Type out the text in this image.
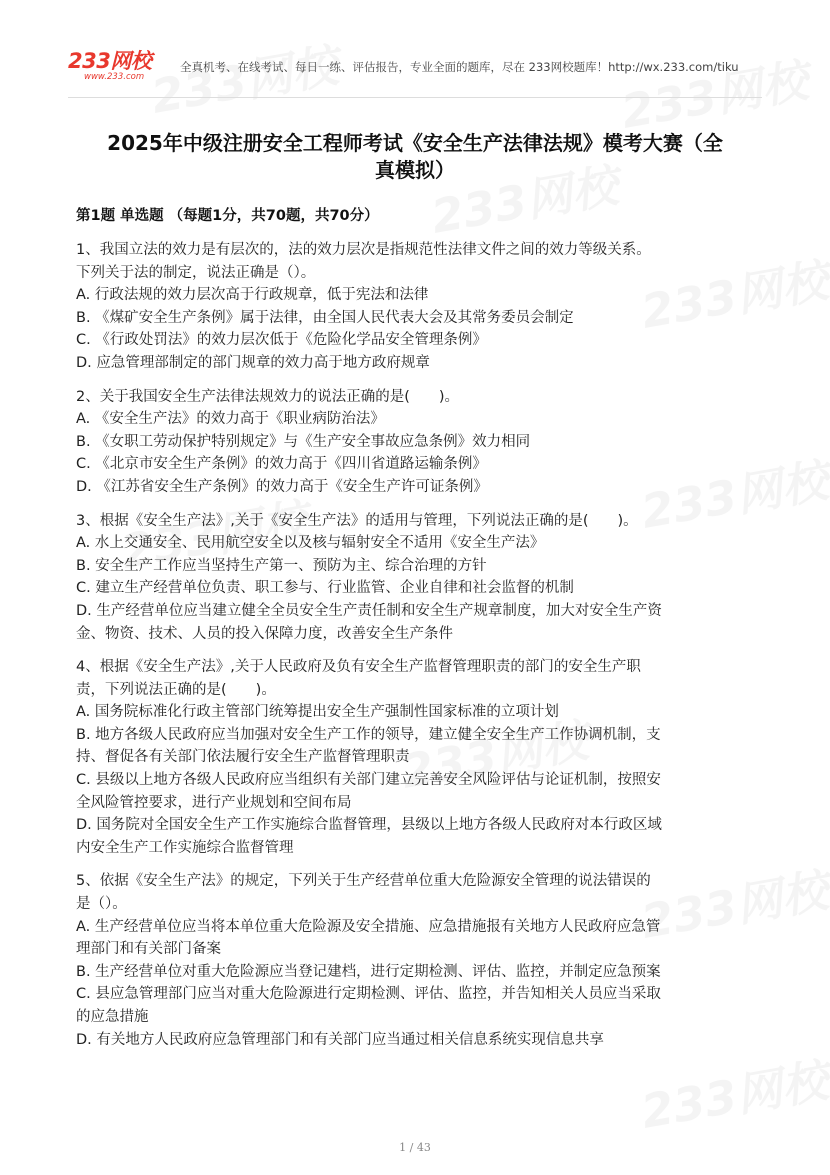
233网校
www.233.com
全真机考、在线考试、每日一练、评估报告，专业全面的题库，尽在 233网校题库！http://wx.233.com/tiku
2025年中级注册安全工程师考试《安全生产法律法规》模考大赛（全
真模拟）
第1题 单选题 （每题1分，共70题，共70分）
1、我国立法的效力是有层次的，法的效力层次是指规范性法律文件之间的效力等级关系。
下列关于法的制定，说法正确是（）。
A. 行政法规的效力层次高于行政规章，低于宪法和法律
B. 《煤矿安全生产条例》属于法律，由全国人民代表大会及其常务委员会制定
C. 《行政处罚法》的效力层次低于《危险化学品安全管理条例》
D. 应急管理部制定的部门规章的效力高于地方政府规章
2、关于我国安全生产法律法规效力的说法正确的是(　　)。
A. 《安全生产法》的效力高于《职业病防治法》
B. 《女职工劳动保护特别规定》与《生产安全事故应急条例》效力相同
C. 《北京市安全生产条例》的效力高于《四川省道路运输条例》
D. 《江苏省安全生产条例》的效力高于《安全生产许可证条例》
3、根据《安全生产法》,关于《安全生产法》的适用与管理，下列说法正确的是(　　)。
A. 水上交通安全、民用航空安全以及核与辐射安全不适用《安全生产法》
B. 安全生产工作应当坚持生产第一、预防为主、综合治理的方针
C. 建立生产经营单位负责、职工参与、行业监管、企业自律和社会监督的机制
D. 生产经营单位应当建立健全全员安全生产责任制和安全生产规章制度，加大对安全生产资
金、物资、技术、人员的投入保障力度，改善安全生产条件
4、根据《安全生产法》,关于人民政府及负有安全生产监督管理职责的部门的安全生产职
责，下列说法正确的是(　　)。
A. 国务院标准化行政主管部门统筹提出安全生产强制性国家标准的立项计划
B. 地方各级人民政府应当加强对安全生产工作的领导，建立健全安全生产工作协调机制，支
持、督促各有关部门依法履行安全生产监督管理职责
C. 县级以上地方各级人民政府应当组织有关部门建立完善安全风险评估与论证机制，按照安
全风险管控要求，进行产业规划和空间布局
D. 国务院对全国安全生产工作实施综合监督管理，县级以上地方各级人民政府对本行政区域
内安全生产工作实施综合监督管理
5、依据《安全生产法》的规定，下列关于生产经营单位重大危险源安全管理的说法错误的
是（）。
A. 生产经营单位应当将本单位重大危险源及安全措施、应急措施报有关地方人民政府应急管
理部门和有关部门备案
B. 生产经营单位对重大危险源应当登记建档，进行定期检测、评估、监控，并制定应急预案
C. 县应急管理部门应当对重大危险源进行定期检测、评估、监控，并告知相关人员应当采取
的应急措施
D. 有关地方人民政府应急管理部门和有关部门应当通过相关信息系统实现信息共享
1 / 43
